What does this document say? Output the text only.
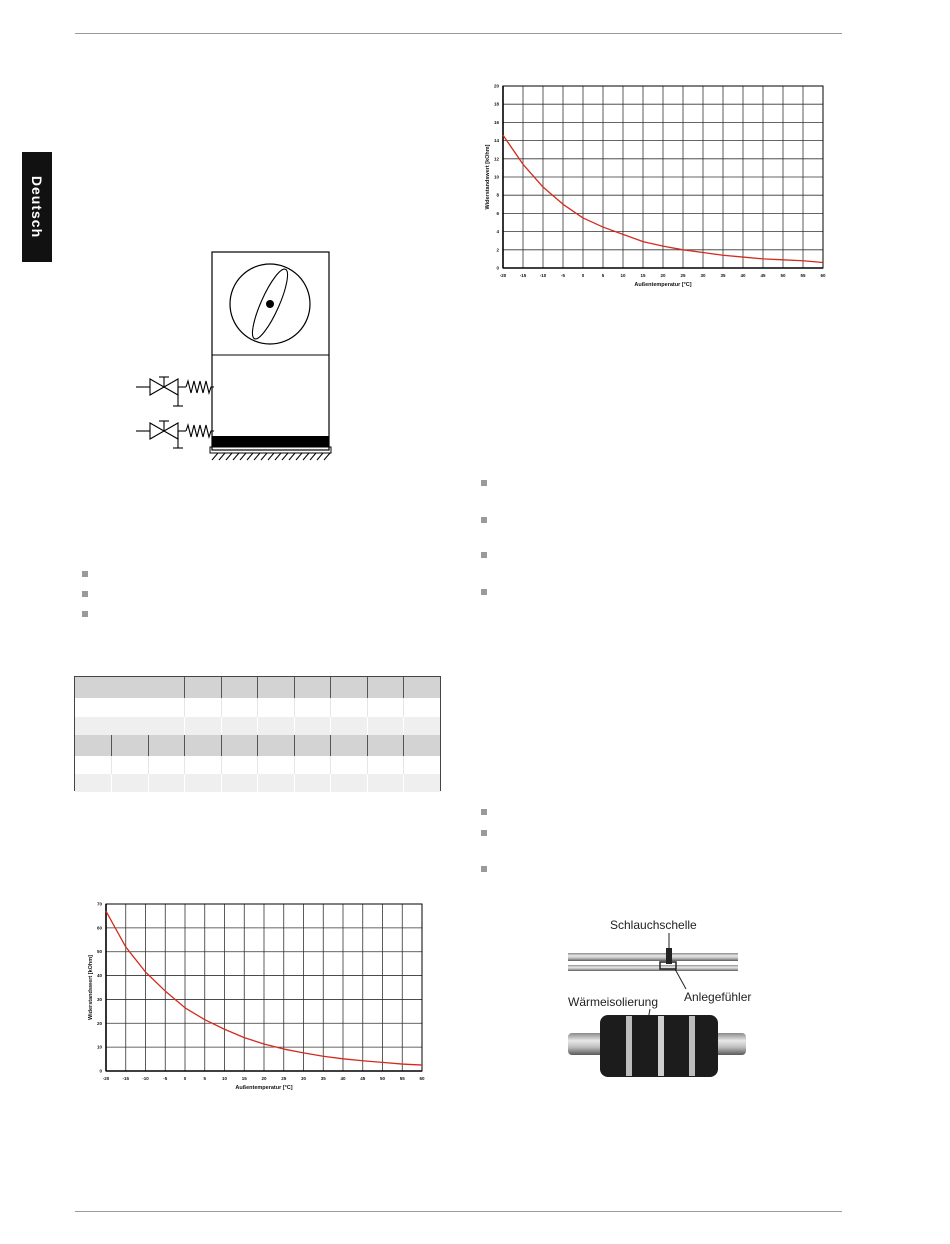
Deutsch

-20	-15	-10	-5	0	5	10	15	20	25	30	35	40	45	50	55	60
0
2
4
6
8
10
12
14
16
18
20
Außentemperatur [°C]
Widerstandswert [kOhm]
-20	-15	-10	-5	0	5	10	15	20	25	30	35	40	45	50	55	60
0
10
20
30
40
50
60
70
Außentemperatur [°C]
Widerstandswert [kOhm]
Schlauchschelle
Anlegefühler
Wärmeisolierung
